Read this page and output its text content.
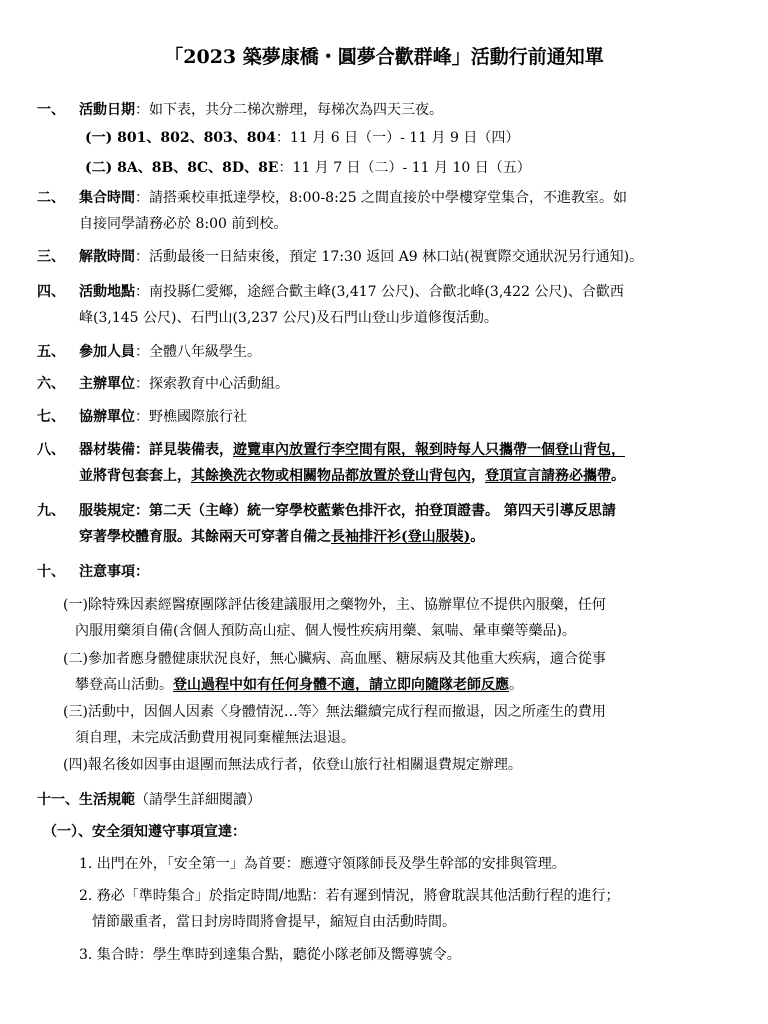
「2023 築夢康橋・圓夢合歡群峰」活動行前通知單
一、 活動日期：如下表，共分二梯次辦理，每梯次為四天三夜。
(一) 801、802、803、804：11 月 6 日（一）- 11 月 9 日（四）
(二) 8A、8B、8C、8D、8E：11 月 7 日（二）- 11 月 10 日（五）
二、 集合時間：請搭乘校車抵達學校，8:00-8:25 之間直接於中學樓穿堂集合，不進教室。如
自接同學請務必於 8:00 前到校。
三、 解散時間：活動最後一日結束後，預定 17:30 返回 A9 林口站(視實際交通狀況另行通知)。
四、 活動地點：南投縣仁愛鄉，途經合歡主峰(3,417 公尺)、合歡北峰(3,422 公尺)、合歡西
峰(3,145 公尺)、石門山(3,237 公尺)及石門山登山步道修復活動。
五、 參加人員：全體八年級學生。
六、 主辦單位：探索教育中心活動組。
七、 協辦單位：野樵國際旅行社
八、 器材裝備：詳見裝備表，遊覽車內放置行李空間有限，報到時每人只攜帶一個登山背包，
並將背包套套上，其餘換洗衣物或相關物品都放置於登山背包內，登頂宣言請務必攜帶。
九、 服裝規定：第二天（主峰）統一穿學校藍紫色排汗衣，拍登頂證書。 第四天引導反思請
穿著學校體育服。其餘兩天可穿著自備之長袖排汗衫(登山服裝)。
十、 注意事項：
(一)除特殊因素經醫療團隊評估後建議服用之藥物外，主、協辦單位不提供內服藥，任何
內服用藥須自備(含個人預防高山症、個人慢性疾病用藥、氣喘、暈車藥等藥品)。
(二)參加者應身體健康狀況良好，無心臟病、高血壓、糖尿病及其他重大疾病，適合從事
攀登高山活動。登山過程中如有任何身體不適，請立即向隨隊老師反應。
(三)活動中，因個人因素〈身體情況…等〉無法繼續完成行程而撤退，因之所產生的費用
須自理，未完成活動費用視同棄權無法退退。
(四)報名後如因事由退團而無法成行者，依登山旅行社相關退費規定辦理。
十一、生活規範（請學生詳細閱讀）
（一）、安全須知遵守事項宣達：
1. 出門在外，「安全第一」為首要：應遵守領隊師長及學生幹部的安排與管理。
2. 務必「準時集合」於指定時間/地點：若有遲到情況，將會耽誤其他活動行程的進行；
情節嚴重者，當日封房時間將會提早，縮短自由活動時間。
3. 集合時：學生準時到達集合點，聽從小隊老師及嚮導號令。
